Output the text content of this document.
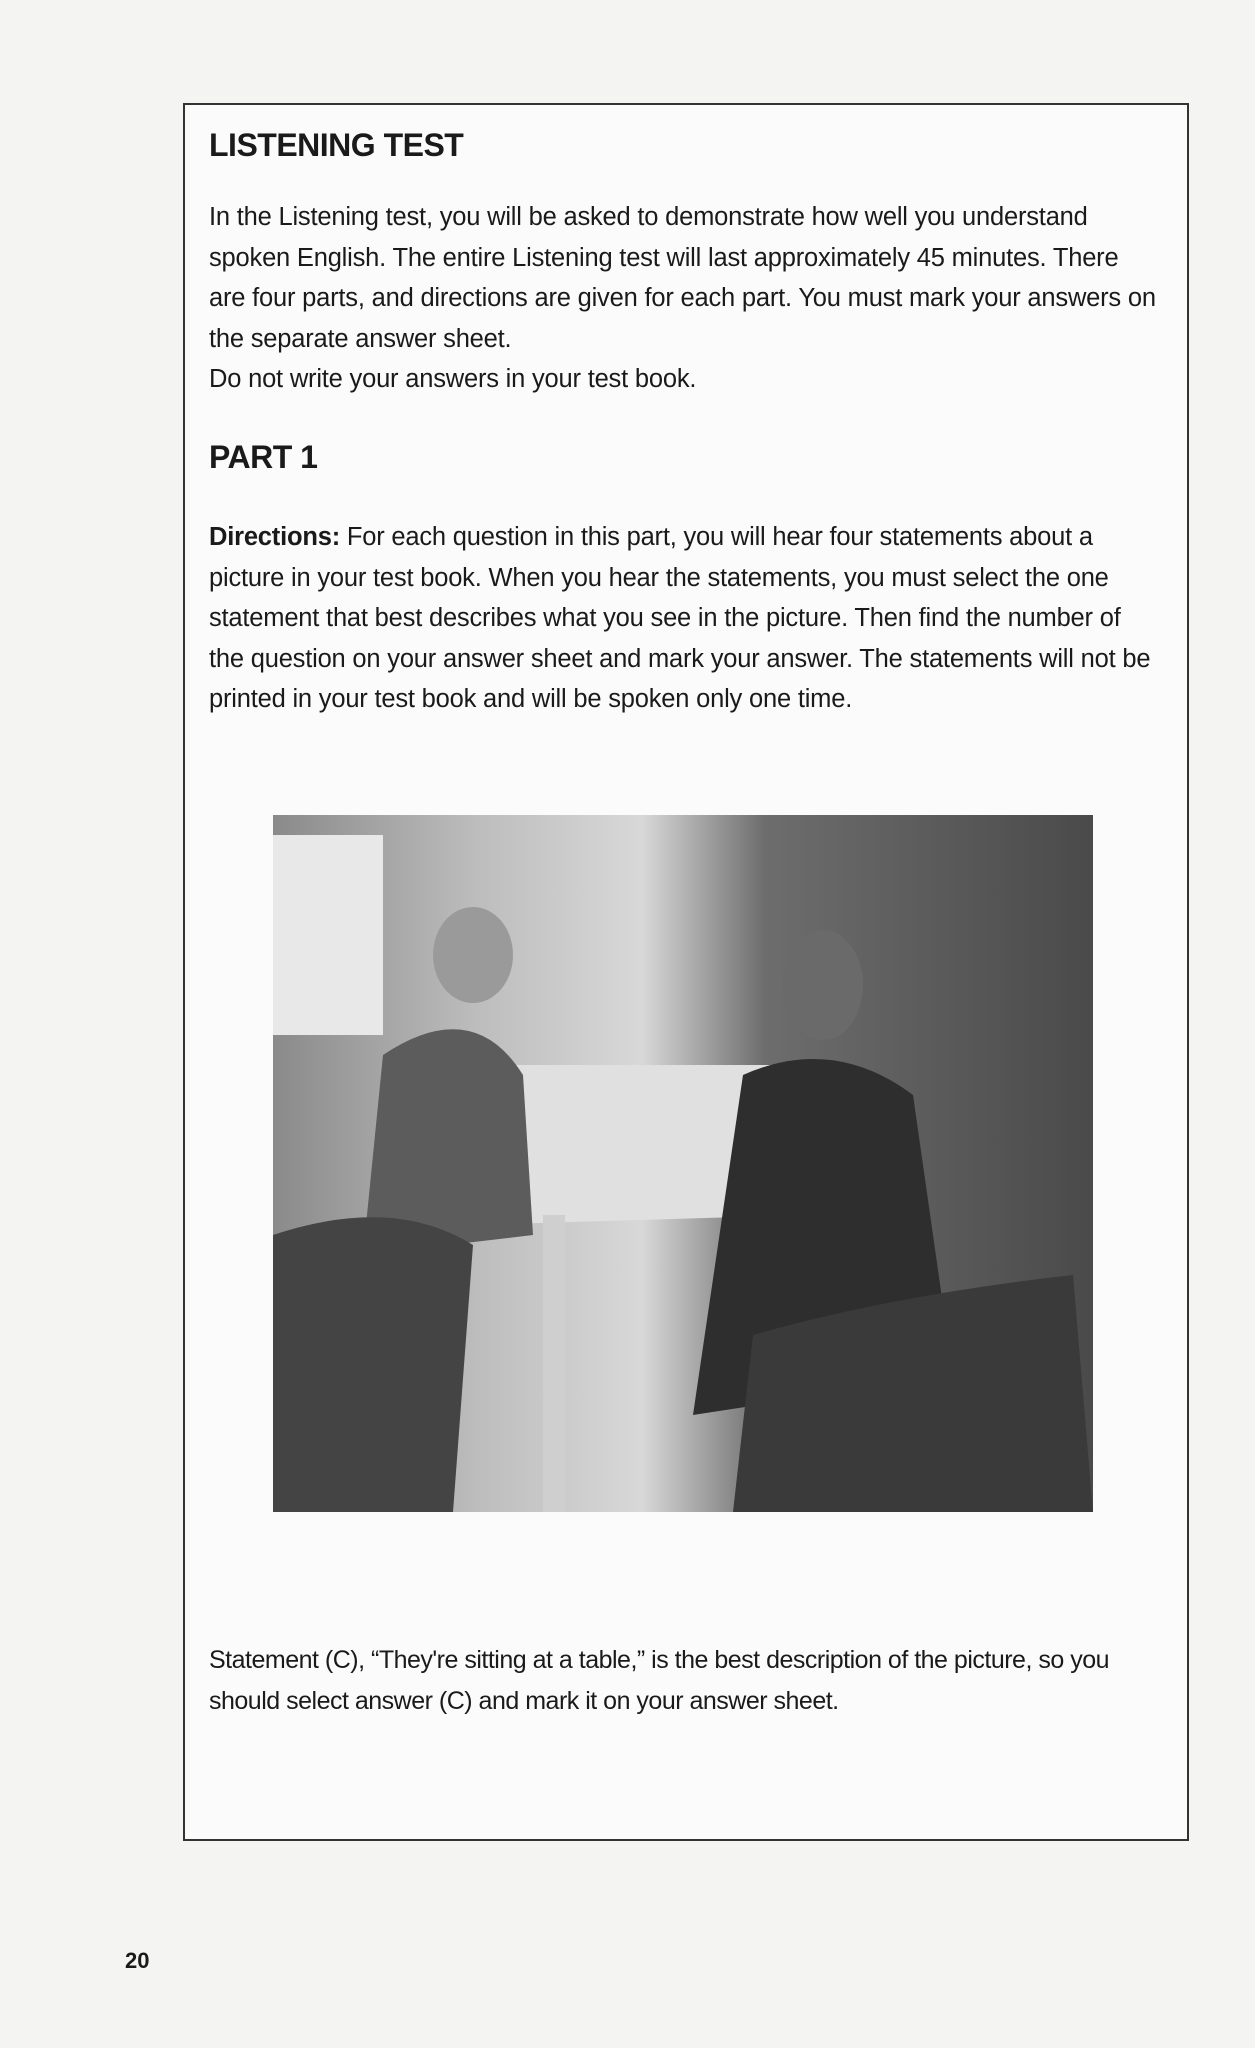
LISTENING TEST

In the Listening test, you will be asked to demonstrate how well you understand spoken English. The entire Listening test will last approximately 45 minutes. There are four parts, and directions are given for each part. You must mark your answers on the separate answer sheet.

Do not write your answers in your test book.

PART 1

Directions: For each question in this part, you will hear four statements about a picture in your test book. When you hear the statements, you must select the one statement that best describes what you see in the picture. Then find the number of the question on your answer sheet and mark your answer. The statements will not be printed in your test book and will be spoken only one time.

Statement (C), “They're sitting at a table,” is the best description of the picture, so you should select answer (C) and mark it on your answer sheet.

20
